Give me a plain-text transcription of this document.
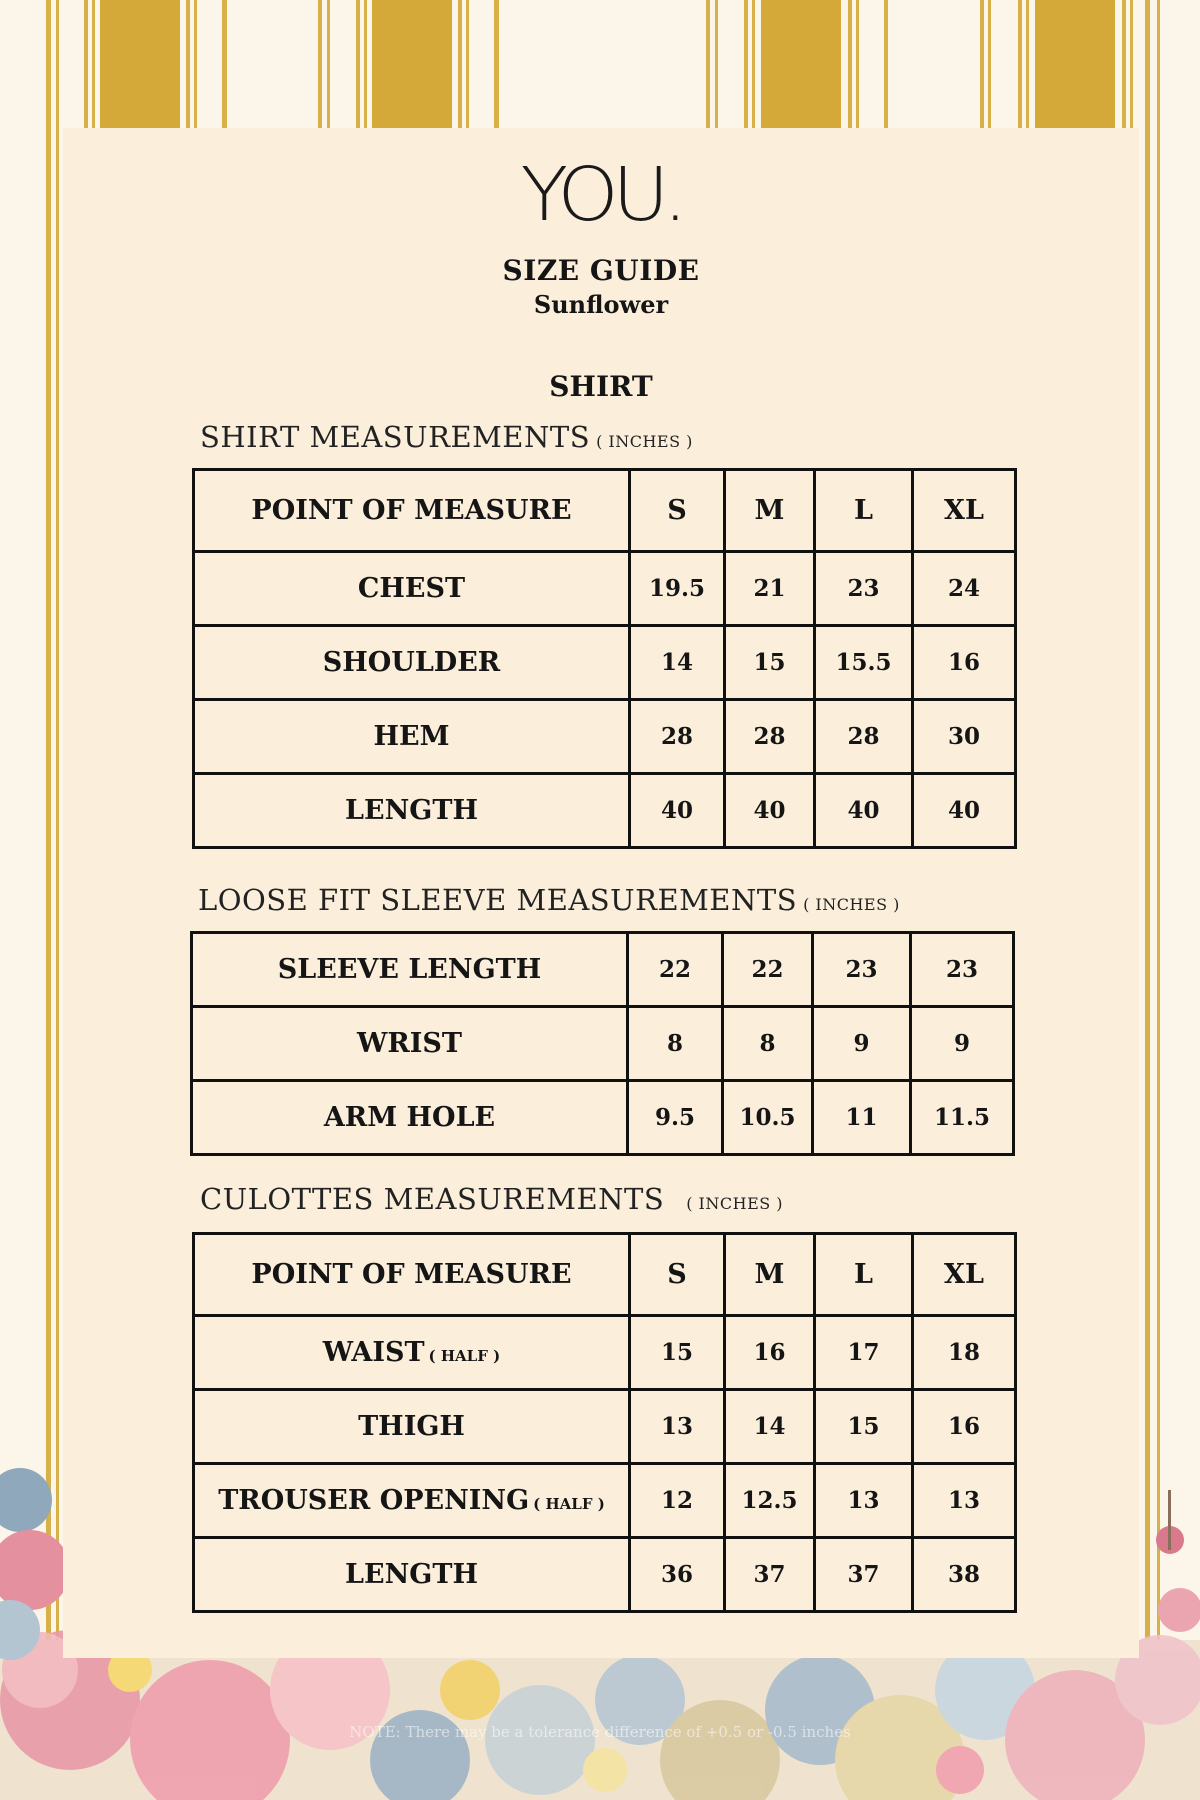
YOU.
SIZE GUIDE
Sunflower
SHIRT
SHIRT MEASUREMENTS ( INCHES )
POINT OF MEASURE	S	M	L	XL
CHEST	19.5	21	23	24
SHOULDER	14	15	15.5	16
HEM	28	28	28	30
LENGTH	40	40	40	40
LOOSE FIT SLEEVE MEASUREMENTS ( INCHES )
SLEEVE LENGTH	22	22	23	23
WRIST	8	8	9	9
ARM HOLE	9.5	10.5	11	11.5
CULOTTES MEASUREMENTS ( INCHES )
POINT OF MEASURE	S	M	L	XL
WAIST ( HALF )	15	16	17	18
THIGH	13	14	15	16
TROUSER OPENING ( HALF )	12	12.5	13	13
LENGTH	36	37	37	38
NOTE: There may be a tolerance difference of +0.5 or -0.5 inches
